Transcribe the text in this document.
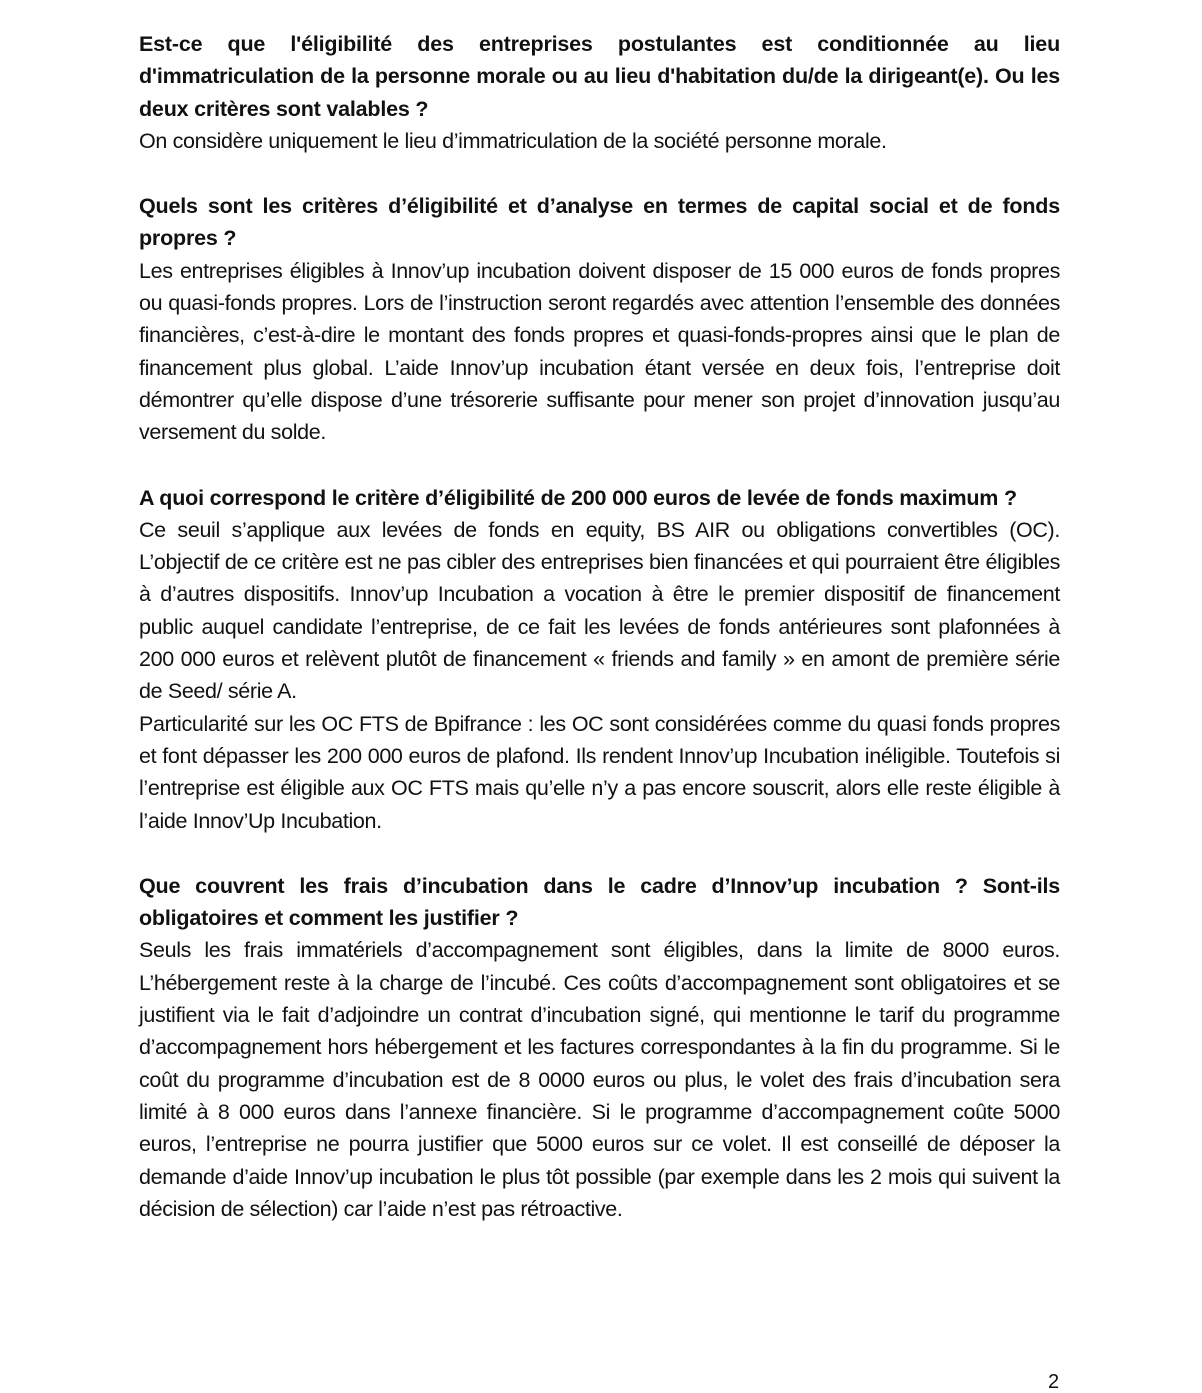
Est-ce que l'éligibilité des entreprises postulantes est conditionnée au lieu d'immatriculation de la personne morale ou au lieu d'habitation du/de la dirigeant(e). Ou les deux critères sont valables ?

On considère uniquement le lieu d’immatriculation de la société personne morale.

Quels sont les critères d’éligibilité et d’analyse en termes de capital social et de fonds propres ?

Les entreprises éligibles à Innov’up incubation doivent disposer de 15 000 euros de fonds propres ou quasi-fonds propres. Lors de l’instruction seront regardés avec attention l’ensemble des données financières, c’est-à-dire le montant des fonds propres et quasi-fonds-propres ainsi que le plan de financement plus global. L’aide Innov’up incubation étant versée en deux fois, l’entreprise doit démontrer qu’elle dispose d’une trésorerie suffisante pour mener son projet d’innovation jusqu’au versement du solde.

A quoi correspond le critère d’éligibilité de 200 000 euros de levée de fonds maximum ?

Ce seuil s’applique aux levées de fonds en equity, BS AIR ou obligations convertibles (OC). L’objectif de ce critère est ne pas cibler des entreprises bien financées et qui pourraient être éligibles à d’autres dispositifs. Innov’up Incubation a vocation à être le premier dispositif de financement public auquel candidate l’entreprise, de ce fait les levées de fonds antérieures sont plafonnées à 200 000 euros et relèvent plutôt de financement « friends and family » en amont de première série de Seed/ série A.

Particularité sur les OC FTS de Bpifrance : les OC sont considérées comme du quasi fonds propres et font dépasser les 200 000 euros de plafond. Ils rendent Innov’up Incubation inéligible. Toutefois si l’entreprise est éligible aux OC FTS mais qu’elle n’y a pas encore souscrit, alors elle reste éligible à l’aide Innov’Up Incubation.

Que couvrent les frais d’incubation dans le cadre d’Innov’up incubation ? Sont-ils obligatoires et comment les justifier ?

Seuls les frais immatériels d’accompagnement sont éligibles, dans la limite de 8000 euros. L’hébergement reste à la charge de l’incubé. Ces coûts d’accompagnement sont obligatoires et se justifient via le fait d’adjoindre un contrat d’incubation signé, qui mentionne le tarif du programme d’accompagnement hors hébergement et les factures correspondantes à la fin du programme. Si le coût du programme d’incubation est de 8 0000 euros ou plus, le volet des frais d’incubation sera limité à 8 000 euros dans l’annexe financière. Si le programme d’accompagnement coûte 5000 euros, l’entreprise ne pourra justifier que 5000 euros sur ce volet. Il est conseillé de déposer la demande d’aide Innov’up incubation le plus tôt possible (par exemple dans les 2 mois qui suivent la décision de sélection) car l’aide n’est pas rétroactive.

2
